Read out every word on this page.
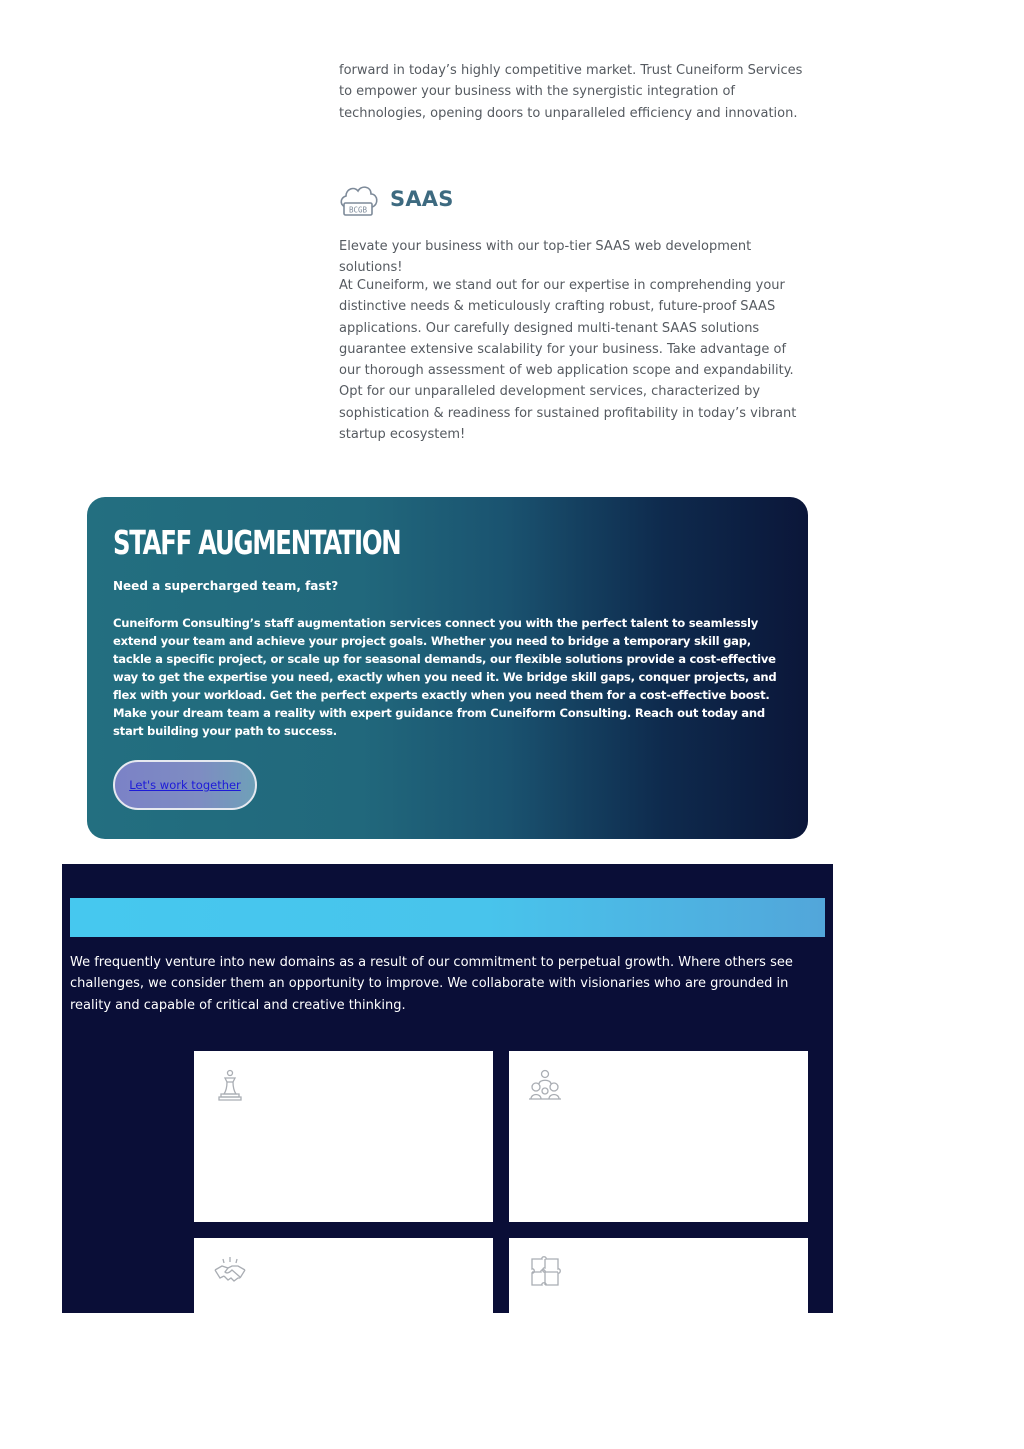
forward in today’s highly competitive market. Trust Cuneiform Services to empower your business with the synergistic integration of technologies, opening doors to unparalleled efficiency and innovation.

BCGB SAAS

Elevate your business with our top-tier SAAS web development solutions!

At Cuneiform, we stand out for our expertise in comprehending your distinctive needs & meticulously crafting robust, future-proof SAAS applications. Our carefully designed multi-tenant SAAS solutions guarantee extensive scalability for your business. Take advantage of our thorough assessment of web application scope and expandability. Opt for our unparalleled development services, characterized by sophistication & readiness for sustained profitability in today’s vibrant startup ecosystem!

STAFF AUGMENTATION

Need a supercharged team, fast?

Cuneiform Consulting’s staff augmentation services connect you with the perfect talent to seamlessly extend your team and achieve your project goals. Whether you need to bridge a temporary skill gap, tackle a specific project, or scale up for seasonal demands, our flexible solutions provide a cost-effective way to get the expertise you need, exactly when you need it. We bridge skill gaps, conquer projects, and flex with your workload. Get the perfect experts exactly when you need them for a cost-effective boost. Make your dream team a reality with expert guidance from Cuneiform Consulting. Reach out today and start building your path to success.

Let's work together

We frequently venture into new domains as a result of our commitment to perpetual growth. Where others see challenges, we consider them an opportunity to improve. We collaborate with visionaries who are grounded in reality and capable of critical and creative thinking.
